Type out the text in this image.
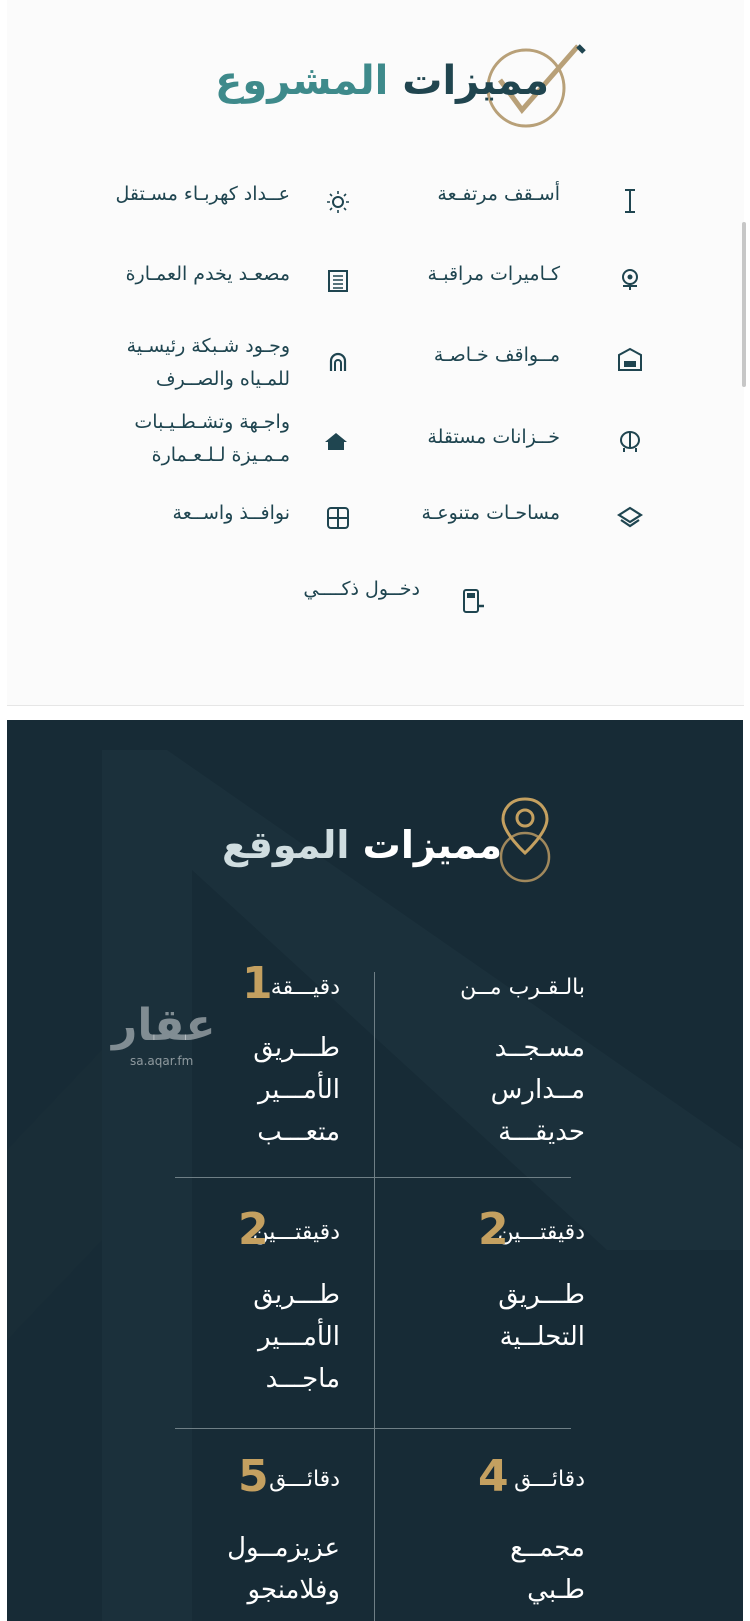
مميزات المشروع
أسـقف مرتفـعة
كـاميرات مراقبـة
مــواقف خـاصـة
خــزانات مستقلة
مساحـات متنوعـة
عــداد كهربـاء مسـتقل
مصعـد يخدم العمـارة
وجـود شـبكة رئيسـية للمـياه والصــرف
واجـهة وتشـطـيـبات مـمـيزة لـلـعـمارة
نوافــذ واســعة
دخــول ذكــــي
مميزات الموقع
بالـقـرب مــن
مسـجــد
مــدارس
حديقـــة
دقيـــقة
1
طـــريق
الأمـــير
متعـــب
دقيقتـــين
2
طـــريق
التحلــية
دقيقتـــين
2
طـــريق
الأمـــير
ماجـــد
دقائـــق
4
مجمــع
طـبي
دقائـــق
5
عزيزمــول
وفلامنجو
عقار
sa.aqar.fm
